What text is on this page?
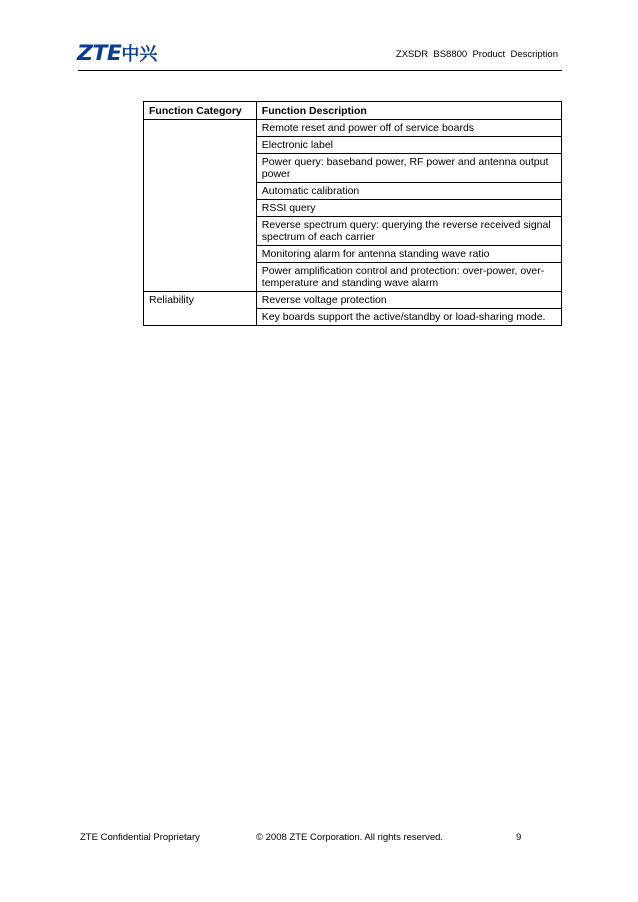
ZTE 中兴	ZXSDR  BS8800  Product  Description
Function Category	Function Description
	Remote reset and power off of service boards
	Electronic label
	Power query: baseband power, RF power and antenna output power
	Automatic calibration
	RSSI query
	Reverse spectrum query: querying the reverse received signal spectrum of each carrier
	Monitoring alarm for antenna standing wave ratio
	Power amplification control and protection: over-power, over-temperature and standing wave alarm
Reliability	Reverse voltage protection
	Key boards support the active/standby or load-sharing mode.
ZTE Confidential Proprietary	© 2008 ZTE Corporation. All rights reserved.	9
